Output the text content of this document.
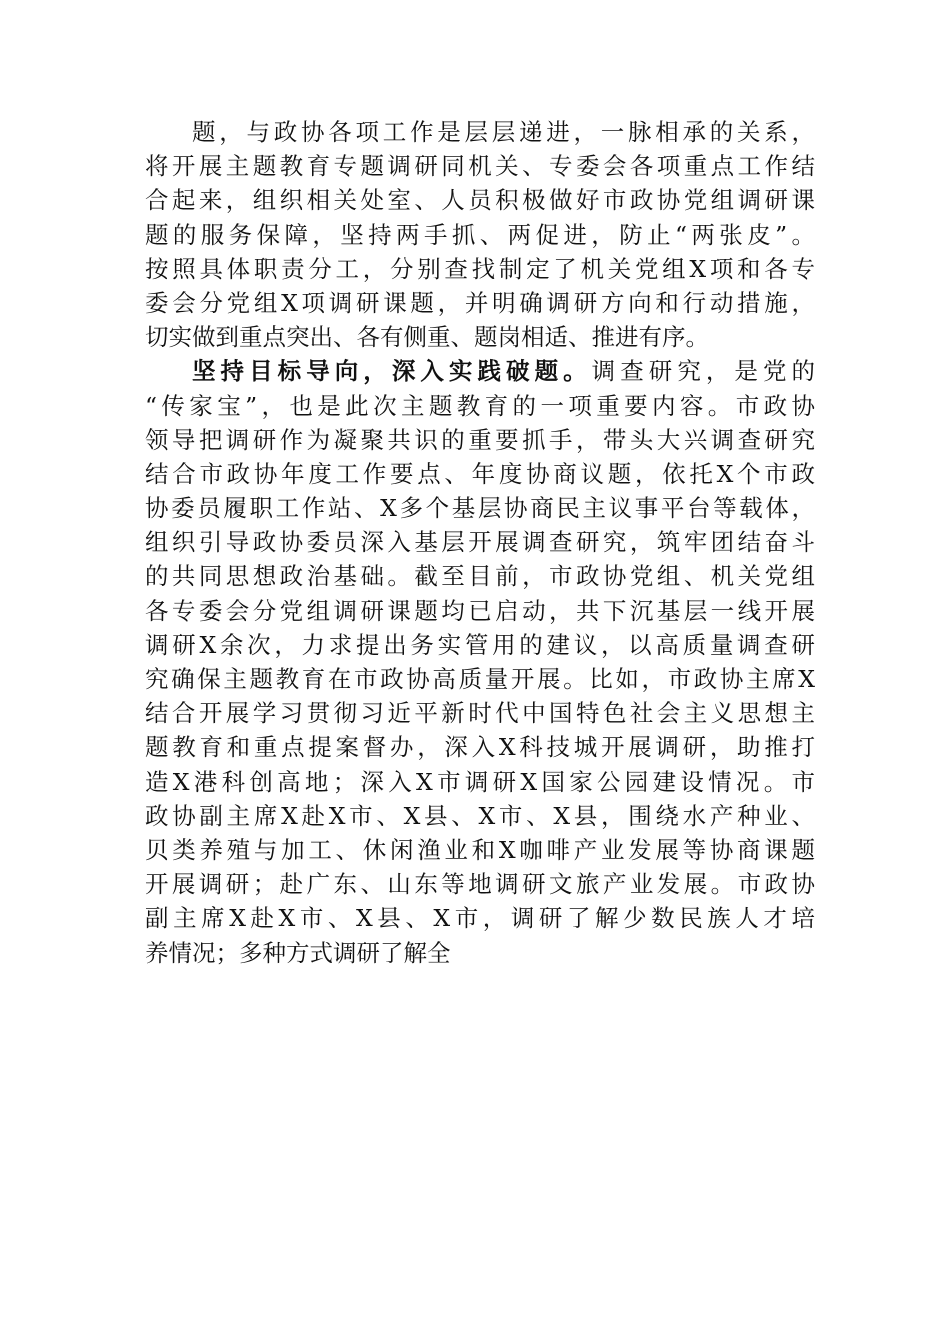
题，与政协各项工作是层层递进，一脉相承的关系，
将开展主题教育专题调研同机关、专委会各项重点工作结
合起来，组织相关处室、人员积极做好市政协党组调研课
题的服务保障，坚持两手抓、两促进，防止“两张皮”。
按照具体职责分工，分别查找制定了机关党组X项和各专
委会分党组X项调研课题，并明确调研方向和行动措施，
切实做到重点突出、各有侧重、题岗相适、推进有序。
坚持目标导向，深入实践破题。调查研究，是党的
“传家宝”，也是此次主题教育的一项重要内容。市政协
领导把调研作为凝聚共识的重要抓手，带头大兴调查研究
结合市政协年度工作要点、年度协商议题，依托X个市政
协委员履职工作站、X多个基层协商民主议事平台等载体，
组织引导政协委员深入基层开展调查研究，筑牢团结奋斗
的共同思想政治基础。截至目前，市政协党组、机关党组
各专委会分党组调研课题均已启动，共下沉基层一线开展
调研X余次，力求提出务实管用的建议，以高质量调查研
究确保主题教育在市政协高质量开展。比如，市政协主席X
结合开展学习贯彻习近平新时代中国特色社会主义思想主
题教育和重点提案督办，深入X科技城开展调研，助推打
造X港科创高地；深入X市调研X国家公园建设情况。市
政协副主席X赴X市、X县、X市、X县，围绕水产种业、
贝类养殖与加工、休闲渔业和X咖啡产业发展等协商课题
开展调研；赴广东、山东等地调研文旅产业发展。市政协
副主席X赴X市、X县、X市，调研了解少数民族人才培
养情况；多种方式调研了解全
